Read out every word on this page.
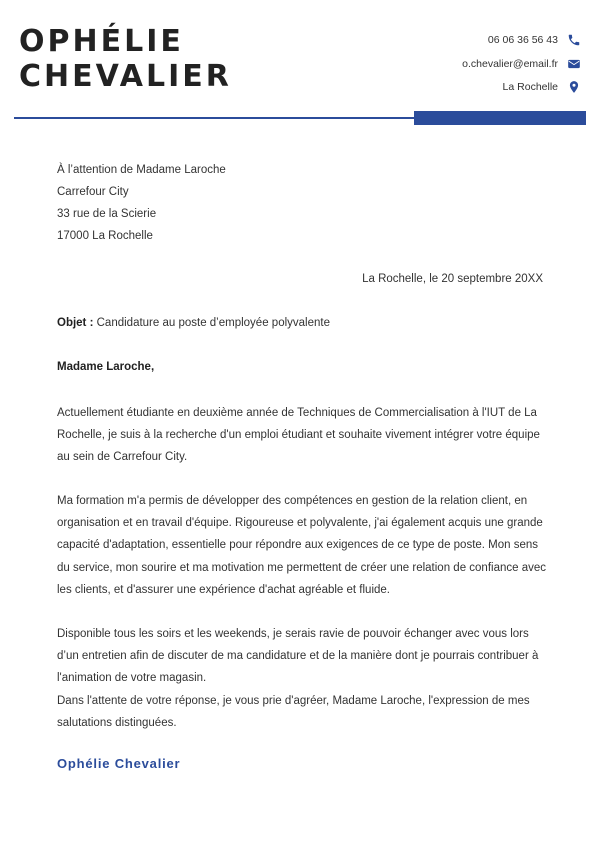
OPHÉLIE
CHEVALIER
06 06 36 56 43
o.chevalier@email.fr
La Rochelle
À l’attention de Madame Laroche
Carrefour City
33 rue de la Scierie
17000 La Rochelle
La Rochelle, le 20 septembre 20XX
Objet : Candidature au poste d’employée polyvalente
Madame Laroche,
Actuellement étudiante en deuxième année de Techniques de Commercialisation à l'IUT de La Rochelle, je suis à la recherche d'un emploi étudiant et souhaite vivement intégrer votre équipe au sein de Carrefour City.
Ma formation m'a permis de développer des compétences en gestion de la relation client, en organisation et en travail d'équipe. Rigoureuse et polyvalente, j'ai également acquis une grande capacité d'adaptation, essentielle pour répondre aux exigences de ce type de poste. Mon sens du service, mon sourire et ma motivation me permettent de créer une relation de confiance avec les clients, et d'assurer une expérience d'achat agréable et fluide.
Disponible tous les soirs et les weekends, je serais ravie de pouvoir échanger avec vous lors d’un entretien afin de discuter de ma candidature et de la manière dont je pourrais contribuer à l'animation de votre magasin.
Dans l'attente de votre réponse, je vous prie d'agréer, Madame Laroche, l'expression de mes salutations distinguées.
Ophélie Chevalier
